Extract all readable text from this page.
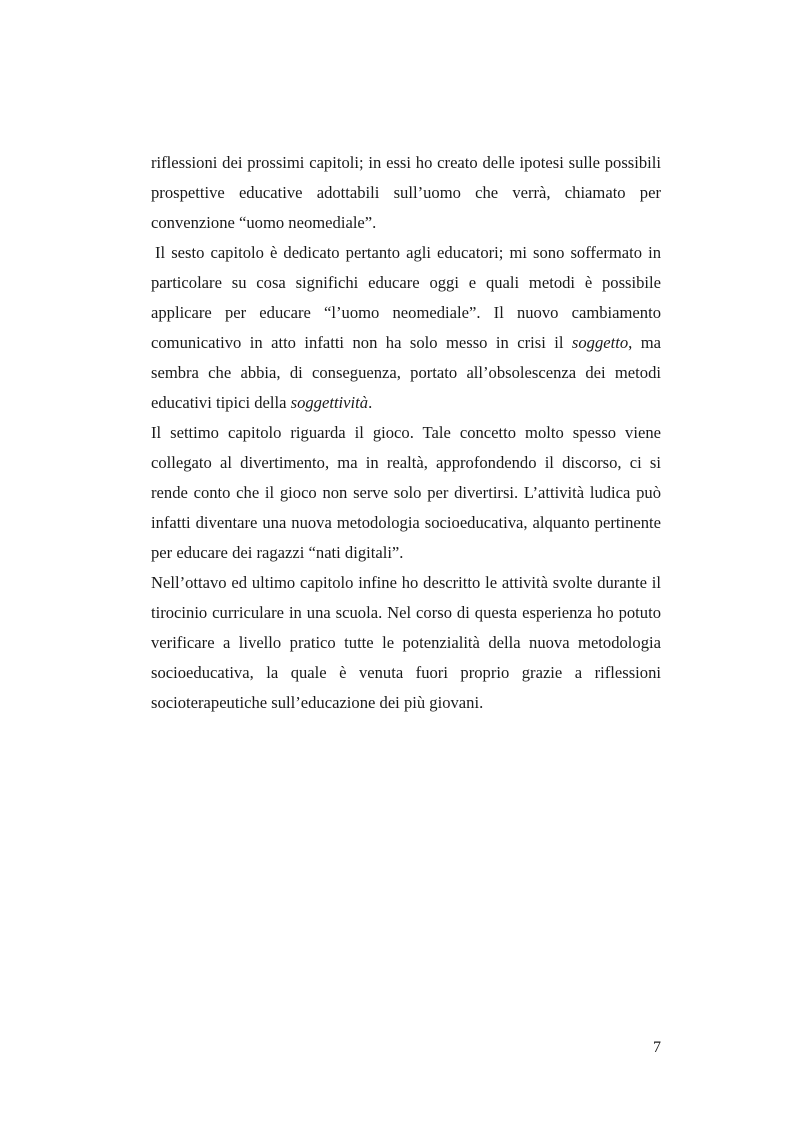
riflessioni dei prossimi capitoli; in essi ho creato delle ipotesi sulle possibili prospettive educative adottabili sull’uomo che verrà, chiamato per convenzione “uomo neomediale”.

Il sesto capitolo è dedicato pertanto agli educatori; mi sono soffermato in particolare su cosa significhi educare oggi e quali metodi è possibile applicare per educare “l’uomo neomediale”. Il nuovo cambiamento comunicativo in atto infatti non ha solo messo in crisi il soggetto, ma sembra che abbia, di conseguenza, portato all’obsolescenza dei metodi educativi tipici della soggettività.

Il settimo capitolo riguarda il gioco. Tale concetto molto spesso viene collegato al divertimento, ma in realtà, approfondendo il discorso, ci si rende conto che il gioco non serve solo per divertirsi. L’attività ludica può infatti diventare una nuova metodologia socioeducativa, alquanto pertinente per educare dei ragazzi “nati digitali”.

Nell’ottavo ed ultimo capitolo infine ho descritto le attività svolte durante il tirocinio curriculare in una scuola. Nel corso di questa esperienza ho potuto verificare a livello pratico tutte le potenzialità della nuova metodologia socioeducativa, la quale è venuta fuori proprio grazie a riflessioni socioterapeutiche sull’educazione dei più giovani.

7
